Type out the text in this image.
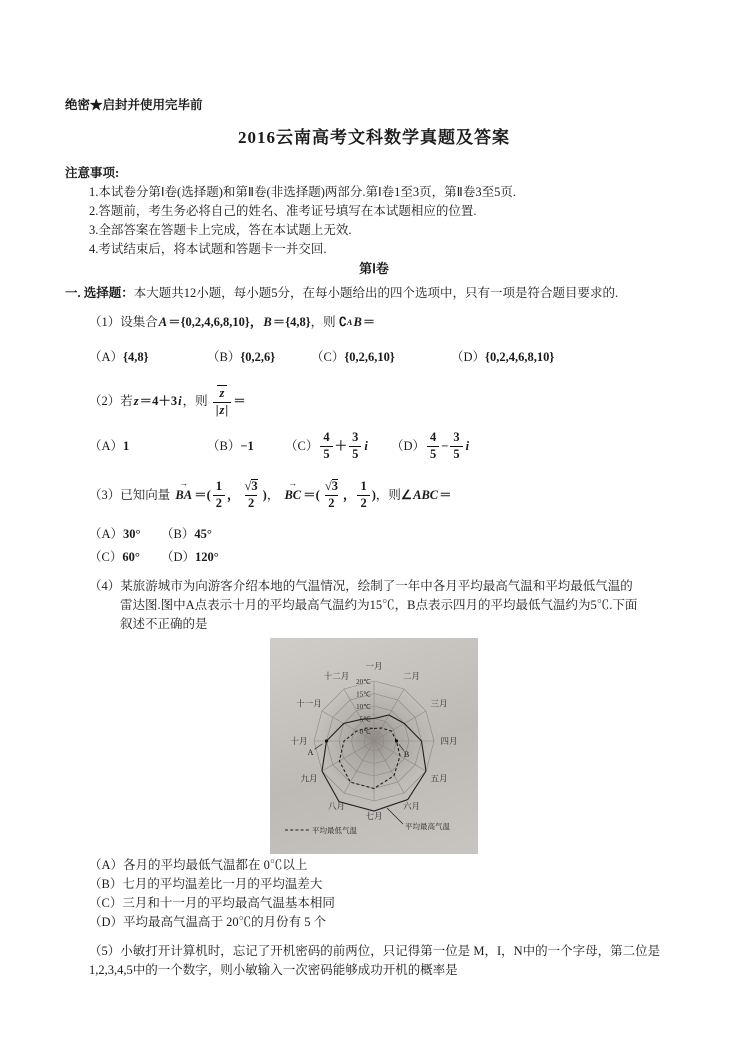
绝密★启封并使用完毕前
2016云南高考文科数学真题及答案
注意事项:
1.本试卷分第Ⅰ卷(选择题)和第Ⅱ卷(非选择题)两部分.第Ⅰ卷1至3页，第Ⅱ卷3至5页.
2.答题前，考生务必将自己的姓名、准考证号填写在本试题相应的位置.
3.全部答案在答题卡上完成，答在本试题上无效.
4.考试结束后，将本试题和答题卡一并交回.
第Ⅰ卷
一. 选择题：本大题共12小题，每小题5分，在每小题给出的四个选项中，只有一项是符合题目要求的.
（1）设集合 A ＝{0,2,4,6,8,10}， B ＝{4,8} ，则 ∁ A B ＝
（A） {4,8}	（B） {0,2,6}	（C） {0,2,6,10}	（D） {0,2,4,6,8,10}
（2）若 z ＝4＋3 i ，则 $\frac{z}{|z|}$ ＝
（A） 1	（B） −1	$(C) \frac{4}{5} + \frac{3}{5}$ i $(D) \frac{4}{5} - \frac{3}{5}$ i
（3）已知向量
→
BA ＝( $\frac{1}{2}$ ， $\frac{√3}{2}$ ) ，
→
BC ＝( $\frac{√3}{2}$ ， $\frac{1}{2}$ ) ，则 ∠ ABC ＝
（A） 30° （B） 45°
（C） 60° （D） 120°
（4）某旅游城市为向游客介绍本地的气温情况，绘制了一年中各月平均最高气温和平均最低气温的
雷达图.图中A点表示十月的平均最高气温约为15℃，B点表示四月的平均最低气温约为5℃.下面
叙述不正确的是
一月
二月
三月
四月
五月
六月
七月
八月
九月
十月
十一月
十二月
0℃
5℃
10℃
15℃
20℃
A	B
平均最低气温	平均最高气温
（A）各月的平均最低气温都在 0℃以上
（B）七月的平均温差比一月的平均温差大
（C）三月和十一月的平均最高气温基本相同
（D）平均最高气温高于 20℃的月份有 5 个
（5）小敏打开计算机时，忘记了开机密码的前两位，只记得第一位是 M，I，N中的一个字母，第二位是
1,2,3,4,5中的一个数字，则小敏输入一次密码能够成功开机的概率是
